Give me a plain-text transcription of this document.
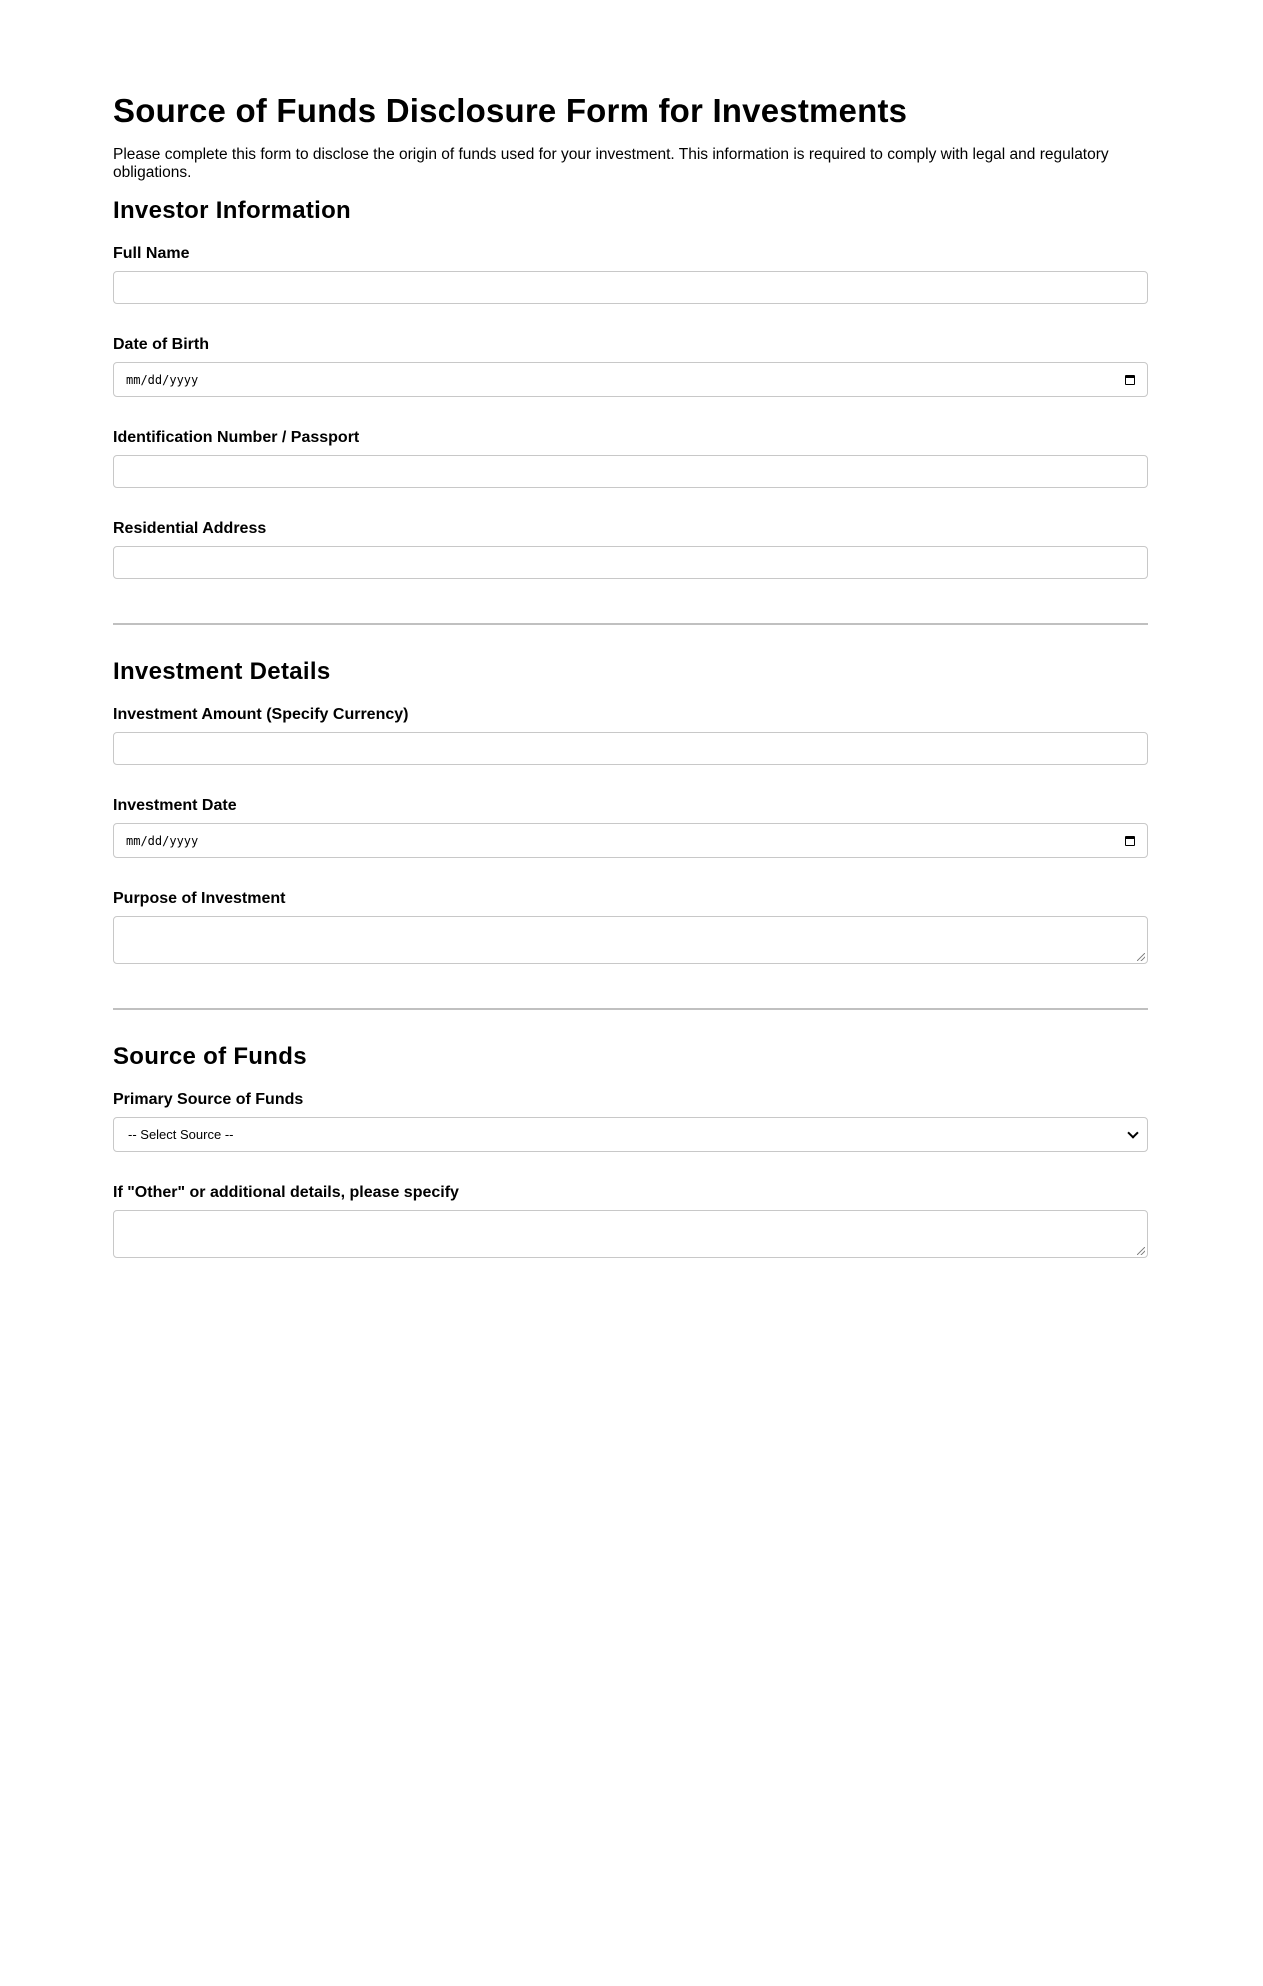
Source of Funds Disclosure Form for Investments

Please complete this form to disclose the origin of funds used for your investment. This information is required to comply with legal and regulatory obligations.

Investor Information
Full Name
Date of Birth
mm/dd/yyyy
Identification Number / Passport
Residential Address
Investment Details
Investment Amount (Specify Currency)
Investment Date
mm/dd/yyyy
Purpose of Investment
Source of Funds
Primary Source of Funds
-- Select Source --
If "Other" or additional details, please specify
